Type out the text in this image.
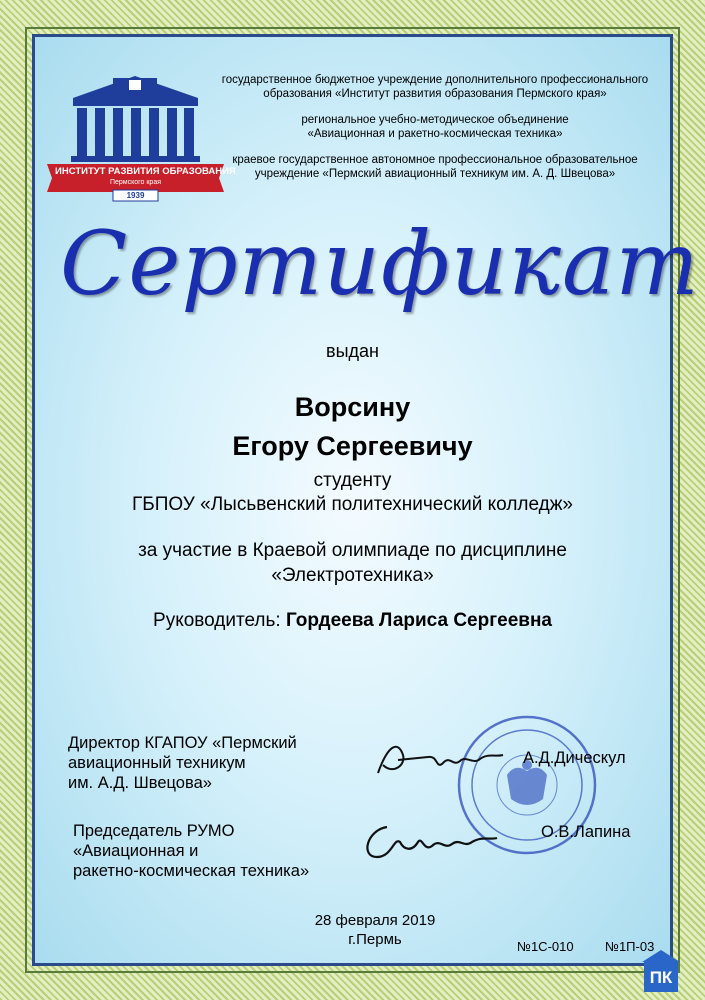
ИНСТИТУТ РАЗВИТИЯ ОБРАЗОВАНИЯ
Пермского края
1939
государственное бюджетное учреждение дополнительного профессионального
образования «Институт развития образования Пермского края»
региональное учебно-методическое объединение
«Авиационная и ракетно-космическая техника»
краевое государственное автономное профессиональное образовательное
учреждение «Пермский авиационный техникум им. А. Д. Швецова»
Сертификат
выдан
Ворсину
Егору Сергеевичу
студенту
ГБПОУ «Лысьвенский политехнический колледж»
за участие в Краевой олимпиаде по дисциплине
«Электротехника»
Руководитель: Гордеева Лариса Сергеевна
Директор КГАПОУ «Пермский
авиационный техникум
им. А.Д. Швецова»
Председатель РУМО
«Авиационная и
ракетно-космическая техника»
А.Д.Дическул
О.В.Лапина
28 февраля 2019
г.Пермь	№1С-010 №1П-03
ПК
